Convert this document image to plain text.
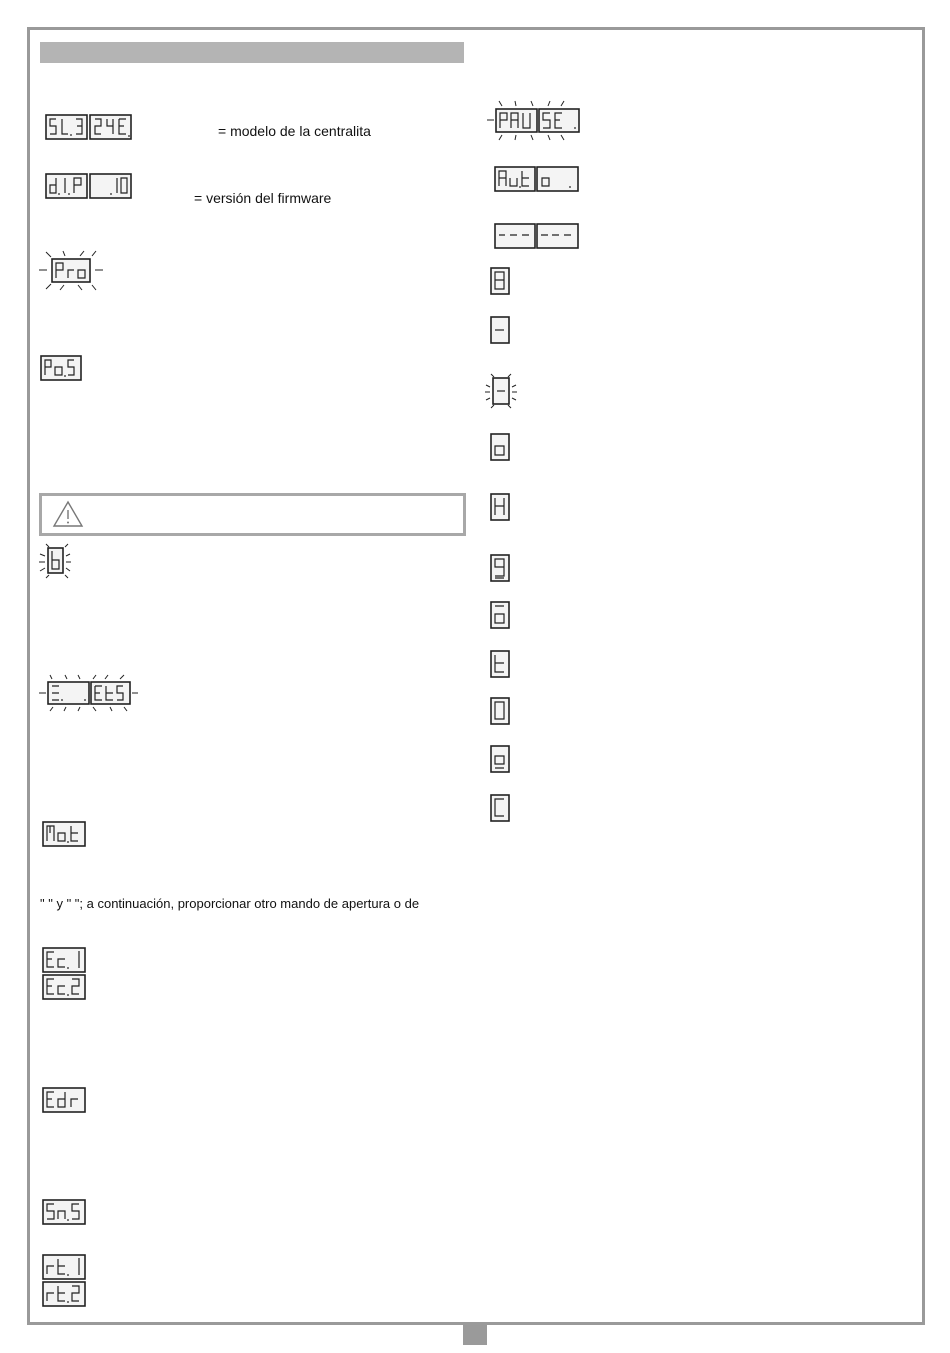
= modelo de la centralita
= versión del firmware
" " y " "; a continuación, proporcionar otro mando de apertura o de
